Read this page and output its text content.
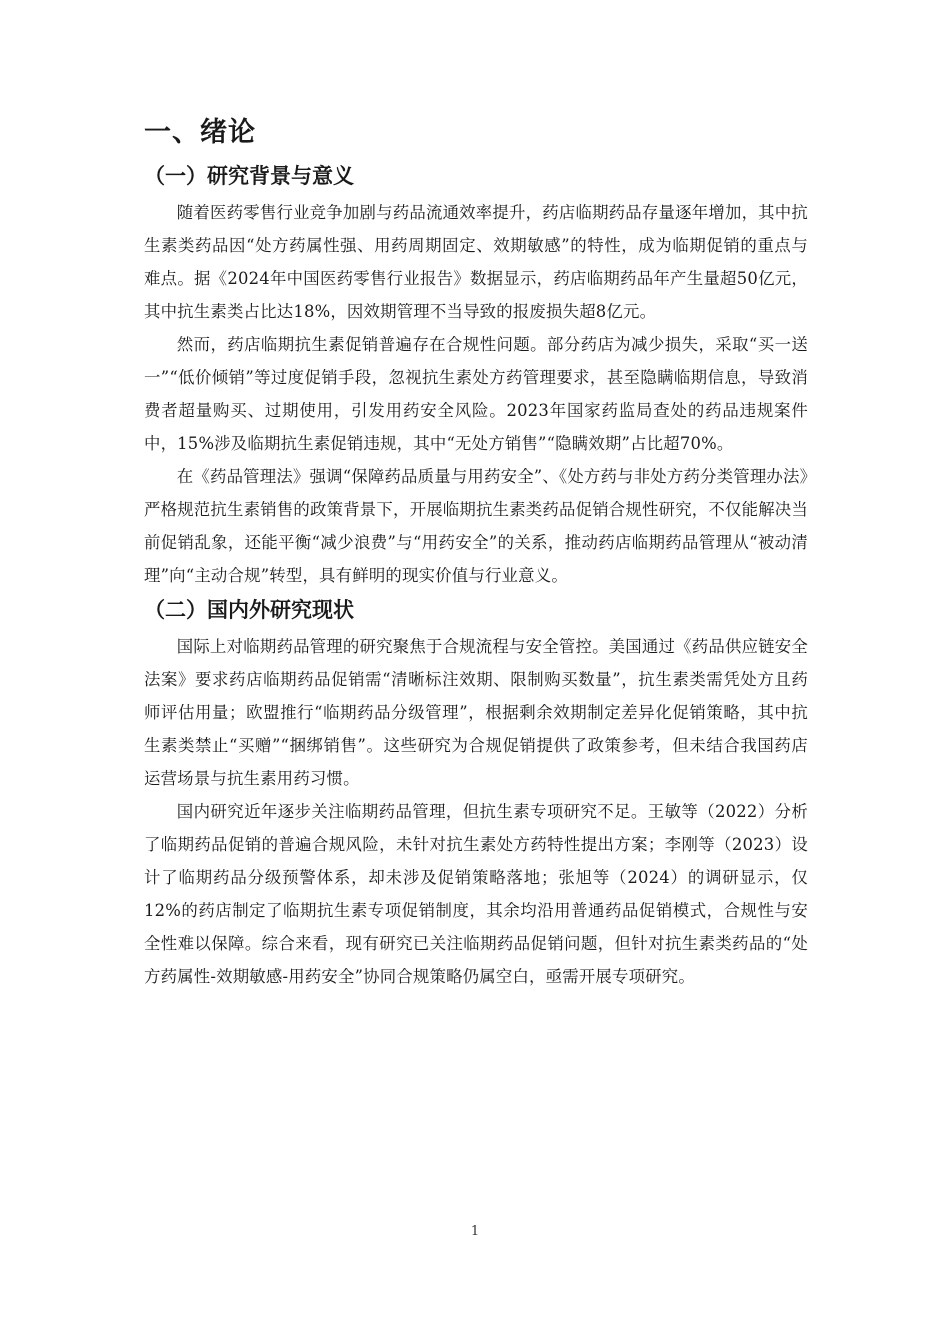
一、绪论
（一）研究背景与意义

随着医药零售行业竞争加剧与药品流通效率提升，药店临期药品存量逐年增加，其中抗生素类药品因“处方药属性强、用药周期固定、效期敏感”的特性，成为临期促销的重点与难点。据《2024年中国医药零售行业报告》数据显示，药店临期药品年产生量超50亿元，其中抗生素类占比达18%，因效期管理不当导致的报废损失超8亿元。

然而，药店临期抗生素促销普遍存在合规性问题。部分药店为减少损失，采取“买一送一”“低价倾销”等过度促销手段，忽视抗生素处方药管理要求，甚至隐瞒临期信息，导致消费者超量购买、过期使用，引发用药安全风险。2023年国家药监局查处的药品违规案件中，15%涉及临期抗生素促销违规，其中“无处方销售”“隐瞒效期”占比超70%。

在《药品管理法》强调“保障药品质量与用药安全”、《处方药与非处方药分类管理办法》严格规范抗生素销售的政策背景下，开展临期抗生素类药品促销合规性研究，不仅能解决当前促销乱象，还能平衡“减少浪费”与“用药安全”的关系，推动药店临期药品管理从“被动清理”向“主动合规”转型，具有鲜明的现实价值与行业意义。

（二）国内外研究现状

国际上对临期药品管理的研究聚焦于合规流程与安全管控。美国通过《药品供应链安全法案》要求药店临期药品促销需“清晰标注效期、限制购买数量”，抗生素类需凭处方且药师评估用量；欧盟推行“临期药品分级管理”，根据剩余效期制定差异化促销策略，其中抗生素类禁止“买赠”“捆绑销售”。这些研究为合规促销提供了政策参考，但未结合我国药店运营场景与抗生素用药习惯。

国内研究近年逐步关注临期药品管理，但抗生素专项研究不足。王敏等（2022）分析了临期药品促销的普遍合规风险，未针对抗生素处方药特性提出方案；李刚等（2023）设计了临期药品分级预警体系，却未涉及促销策略落地；张旭等（2024）的调研显示，仅12%的药店制定了临期抗生素专项促销制度，其余均沿用普通药品促销模式，合规性与安全性难以保障。综合来看，现有研究已关注临期药品促销问题，但针对抗生素类药品的“处方药属性-效期敏感-用药安全”协同合规策略仍属空白，亟需开展专项研究。

1
